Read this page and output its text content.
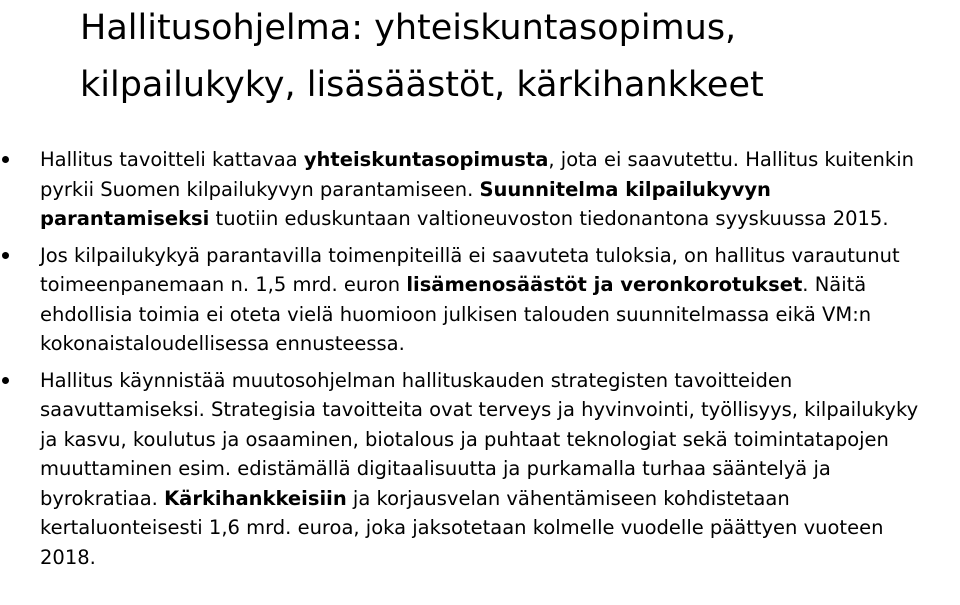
Hallitusohjelma: yhteiskuntasopimus, kilpailukyky, lisäsäästöt, kärkihankkeet
Hallitus tavoitteli kattavaa yhteiskuntasopimusta, jota ei saavutettu. Hallitus kuitenkin pyrkii Suomen kilpailukyvyn parantamiseen. Suunnitelma kilpailukyvyn parantamiseksi tuotiin eduskuntaan valtioneuvoston tiedonantona syyskuussa 2015.
Jos kilpailukykyä parantavilla toimenpiteillä ei saavuteta tuloksia, on hallitus varautunut toimeenpanemaan n. 1,5 mrd. euron lisämenosäästöt ja veronkorotukset. Näitä ehdollisia toimia ei oteta vielä huomioon julkisen talouden suunnitelmassa eikä VM:n kokonaistaloudellisessa ennusteessa.
Hallitus käynnistää muutosohjelman hallituskauden strategisten tavoitteiden saavuttamiseksi. Strategisia tavoitteita ovat terveys ja hyvinvointi, työllisyys, kilpailukyky ja kasvu, koulutus ja osaaminen, biotalous ja puhtaat teknologiat sekä toimintatapojen muuttaminen esim. edistämällä digitaalisuutta ja purkamalla turhaa sääntelyä ja byrokratiaa. Kärkihankkeisiin ja korjausvelan vähentämiseen kohdistetaan kertaluonteisesti 1,6 mrd. euroa, joka jaksotetaan kolmelle vuodelle päättyen vuoteen 2018.
